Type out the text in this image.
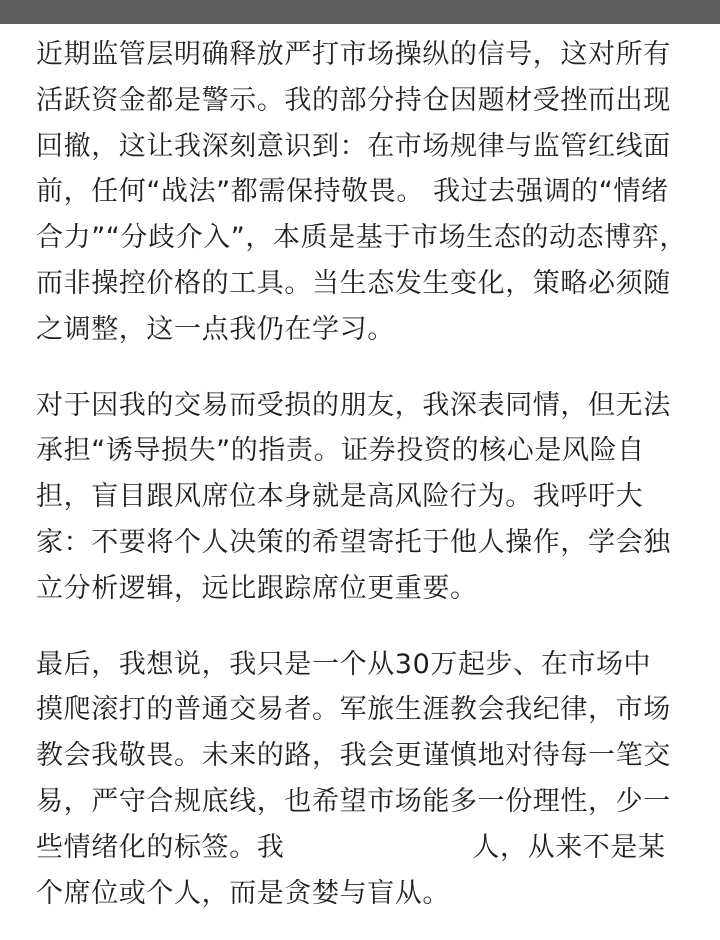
近期监管层明确释放严打市场操纵的信号，这对所有
活跃资金都是警示。我的部分持仓因题材受挫而出现
回撤，这让我深刻意识到：在市场规律与监管红线面
前，任何“战法”都需保持敬畏。 我过去强调的“情绪
合力”“分歧介入”，本质是基于市场生态的动态博弈，
而非操控价格的工具。当生态发生变化，策略必须随
之调整，这一点我仍在学习。

对于因我的交易而受损的朋友，我深表同情，但无法
承担“诱导损失”的指责。证券投资的核心是风险自
担，盲目跟风席位本身就是高风险行为。我呼吁大
家：不要将个人决策的希望寄托于他人操作，学会独
立分析逻辑，远比跟踪席位更重要。

最后，我想说，我只是一个从30万起步、在市场中
摸爬滚打的普通交易者。军旅生涯教会我纪律，市场
教会我敬畏。未来的路，我会更谨慎地对待每一笔交
易，严守合规底线，也希望市场能多一份理性，少一
些情绪化的标签。我	人，从来不是某
个席位或个人，而是贪婪与盲从。
